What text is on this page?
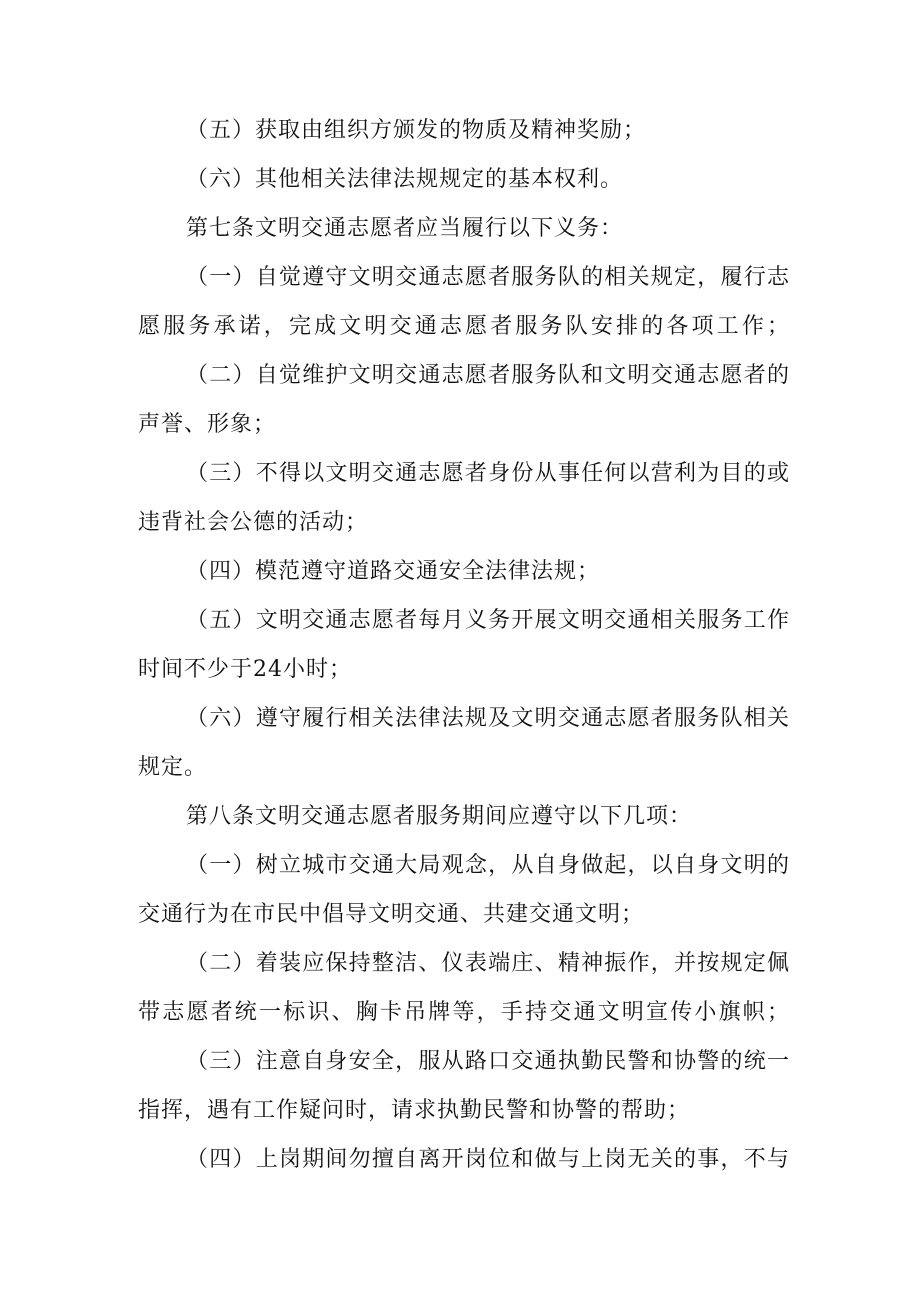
（五）获取由组织方颁发的物质及精神奖励；
（六）其他相关法律法规规定的基本权利。
第七条文明交通志愿者应当履行以下义务：
（一）自觉遵守文明交通志愿者服务队的相关规定，履行志
愿服务承诺，完成文明交通志愿者服务队安排的各项工作；
（二）自觉维护文明交通志愿者服务队和文明交通志愿者的
声誉、形象；
（三）不得以文明交通志愿者身份从事任何以营利为目的或
违背社会公德的活动；
（四）模范遵守道路交通安全法律法规；
（五）文明交通志愿者每月义务开展文明交通相关服务工作
时间不少于24小时；
（六）遵守履行相关法律法规及文明交通志愿者服务队相关
规定。
第八条文明交通志愿者服务期间应遵守以下几项：
（一）树立城市交通大局观念，从自身做起，以自身文明的
交通行为在市民中倡导文明交通、共建交通文明；
（二）着装应保持整洁、仪表端庄、精神振作，并按规定佩
带志愿者统一标识、胸卡吊牌等，手持交通文明宣传小旗帜；
（三）注意自身安全，服从路口交通执勤民警和协警的统一
指挥，遇有工作疑问时，请求执勤民警和协警的帮助；
（四）上岗期间勿擅自离开岗位和做与上岗无关的事，不与
